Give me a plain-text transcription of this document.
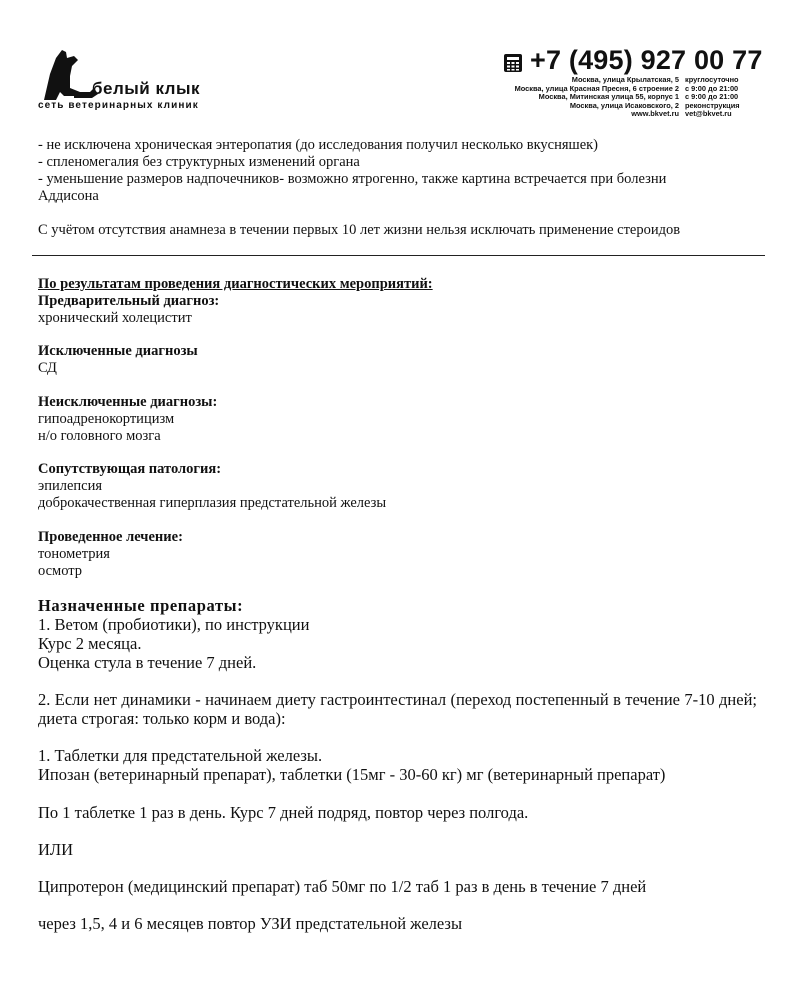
белый клык
сеть ветеринарных клиник
+7 (495) 927 00 77
Москва, улица Крылатская, 5
Москва, улица Красная Пресня, 6 строение 2
Москва, Митинская улица 55, корпус 1
Москва, улица Исаковского, 2
www.bkvet.ru
круглосуточно
с 9:00 до 21:00
с 9:00 до 21:00
реконструкция
vet@bkvet.ru
- не исключена хроническая энтеропатия (до исследования получил несколько вкусняшек)
- спленомегалия без структурных изменений органа
- уменьшение размеров надпочечников- возможно ятрогенно, также картина встречается при болезни
Аддисона
С учётом отсутствия анамнеза в течении первых 10 лет жизни нельзя исключать применение стероидов
По результатам проведения диагностических мероприятий:
Предварительный диагноз:
хронический холецистит
Исключенные диагнозы
СД
Неисключенные диагнозы:
гипоадренокортицизм
н/о головного мозга
Сопутствующая патология:
эпилепсия
доброкачественная гиперплазия предстательной железы
Проведенное лечение:
тонометрия
осмотр
Назначенные препараты:
1. Ветом (пробиотики), по инструкции
Курс 2 месяца.
Оценка стула в течение 7 дней.
2. Если нет динамики - начинаем диету гастроинтестинал (переход постепенный в течение 7-10 дней; диета строгая: только корм и вода):
1. Таблетки для предстательной железы.
Ипозан (ветеринарный препарат), таблетки (15мг - 30-60 кг) мг (ветеринарный препарат)
По 1 таблетке 1 раз в день. Курс 7 дней подряд, повтор через полгода.
ИЛИ
Ципротерон (медицинский препарат) таб 50мг по 1/2 таб 1 раз в день в течение 7 дней
через 1,5, 4 и 6 месяцев повтор УЗИ предстательной железы
